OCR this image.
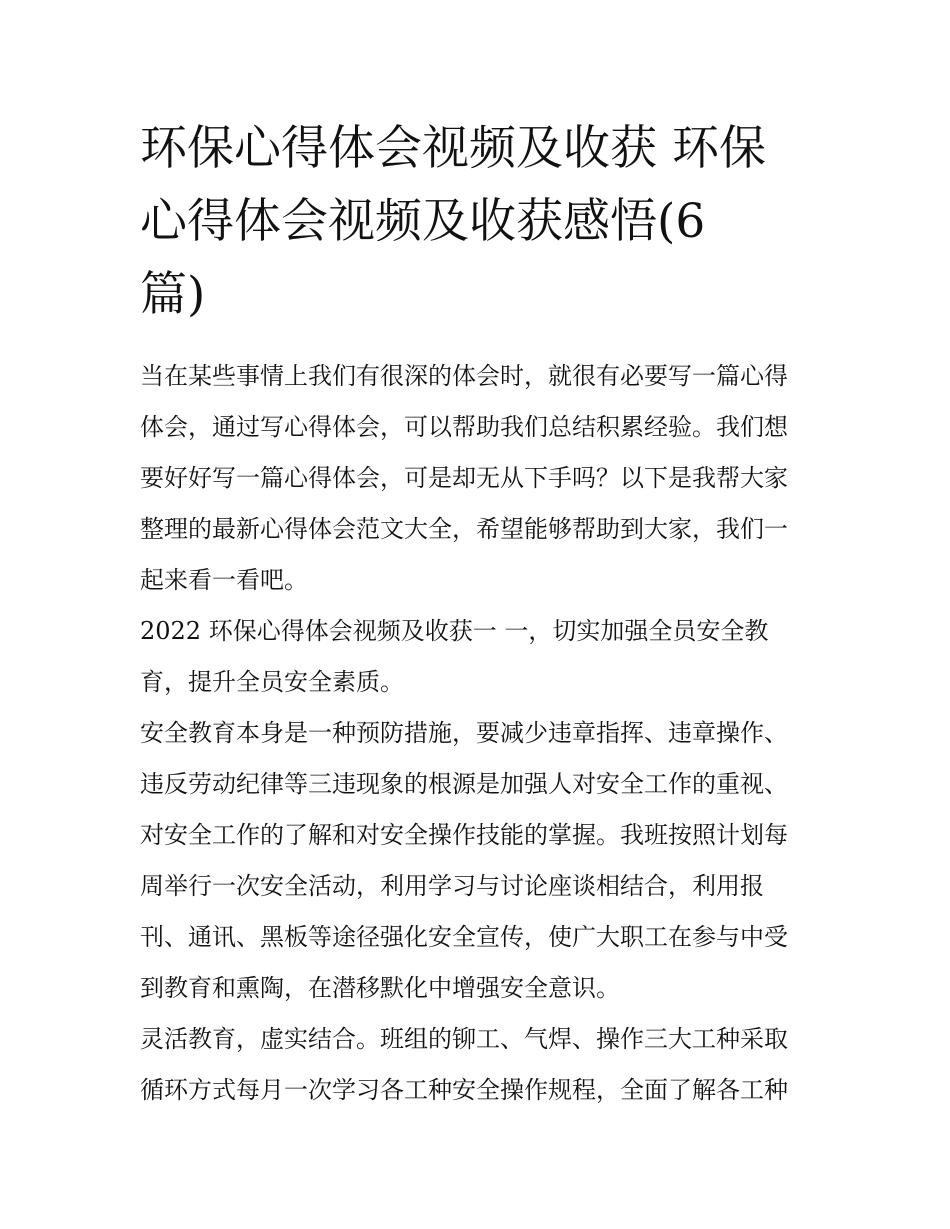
环保心得体会视频及收获 环保
心得体会视频及收获感悟(6
篇)

当在某些事情上我们有很深的体会时，就很有必要写一篇心得
体会，通过写心得体会，可以帮助我们总结积累经验。我们想
要好好写一篇心得体会，可是却无从下手吗？以下是我帮大家
整理的最新心得体会范文大全，希望能够帮助到大家，我们一
起来看一看吧。

2022 环保心得体会视频及收获一 一，切实加强全员安全教
育，提升全员安全素质。

安全教育本身是一种预防措施，要减少违章指挥、违章操作、
违反劳动纪律等三违现象的根源是加强人对安全工作的重视、
对安全工作的了解和对安全操作技能的掌握。我班按照计划每
周举行一次安全活动，利用学习与讨论座谈相结合，利用报
刊、通讯、黑板等途径强化安全宣传，使广大职工在参与中受
到教育和熏陶，在潜移默化中增强安全意识。

灵活教育，虚实结合。班组的铆工、气焊、操作三大工种采取
循环方式每月一次学习各工种安全操作规程，全面了解各工种
